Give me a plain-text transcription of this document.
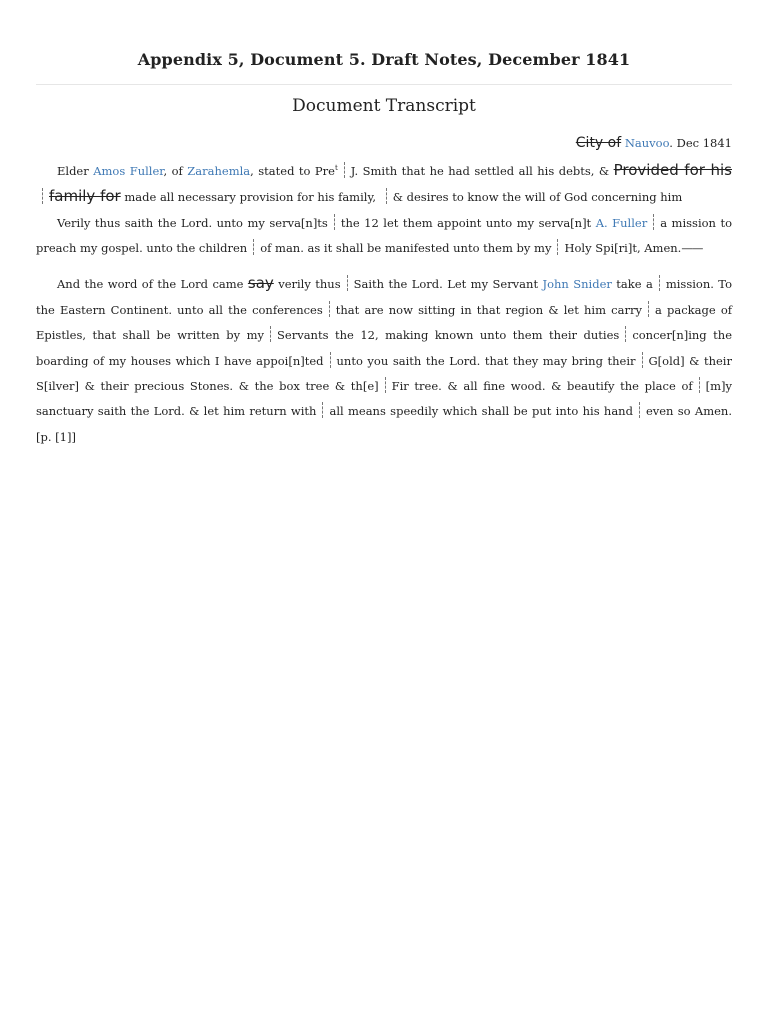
Appendix 5, Document 5. Draft Notes, December 1841
Document Transcript

City of Nauvoo. Dec 1841

Elder Amos Fuller, of Zarahemla, stated to Pre$^t$ J. Smith that he had settled all his debts, & Provided for his family for made all necessary provision for his family, & desires to know the will of God concerning him

Verily thus saith the Lord. unto my serva[n]ts the 12 let them appoint unto my serva[n]t A. Fuller a mission to preach my gospel. unto the children of man. as it shall be manifested unto them by my Holy Spi[ri]t, Amen.——

And the word of the Lord came say verily thus Saith the Lord. Let my Servant John Snider take a mission. To the Eastern Continent. unto all the conferences that are now sitting in that region & let him carry a package of Epistles, that shall be written by my Servants the 12, making known unto them their duties concer[n]ing the boarding of my houses which I have appoi[n]ted unto you saith the Lord. that they may bring their G[old] & their S[ilver] & their precious Stones. & the box tree & th[e] Fir tree. & all fine wood. & beautify the place of [m]y sanctuary saith the Lord. & let him return with all means speedily which shall be put into his hand even so Amen. [p. [1]]
